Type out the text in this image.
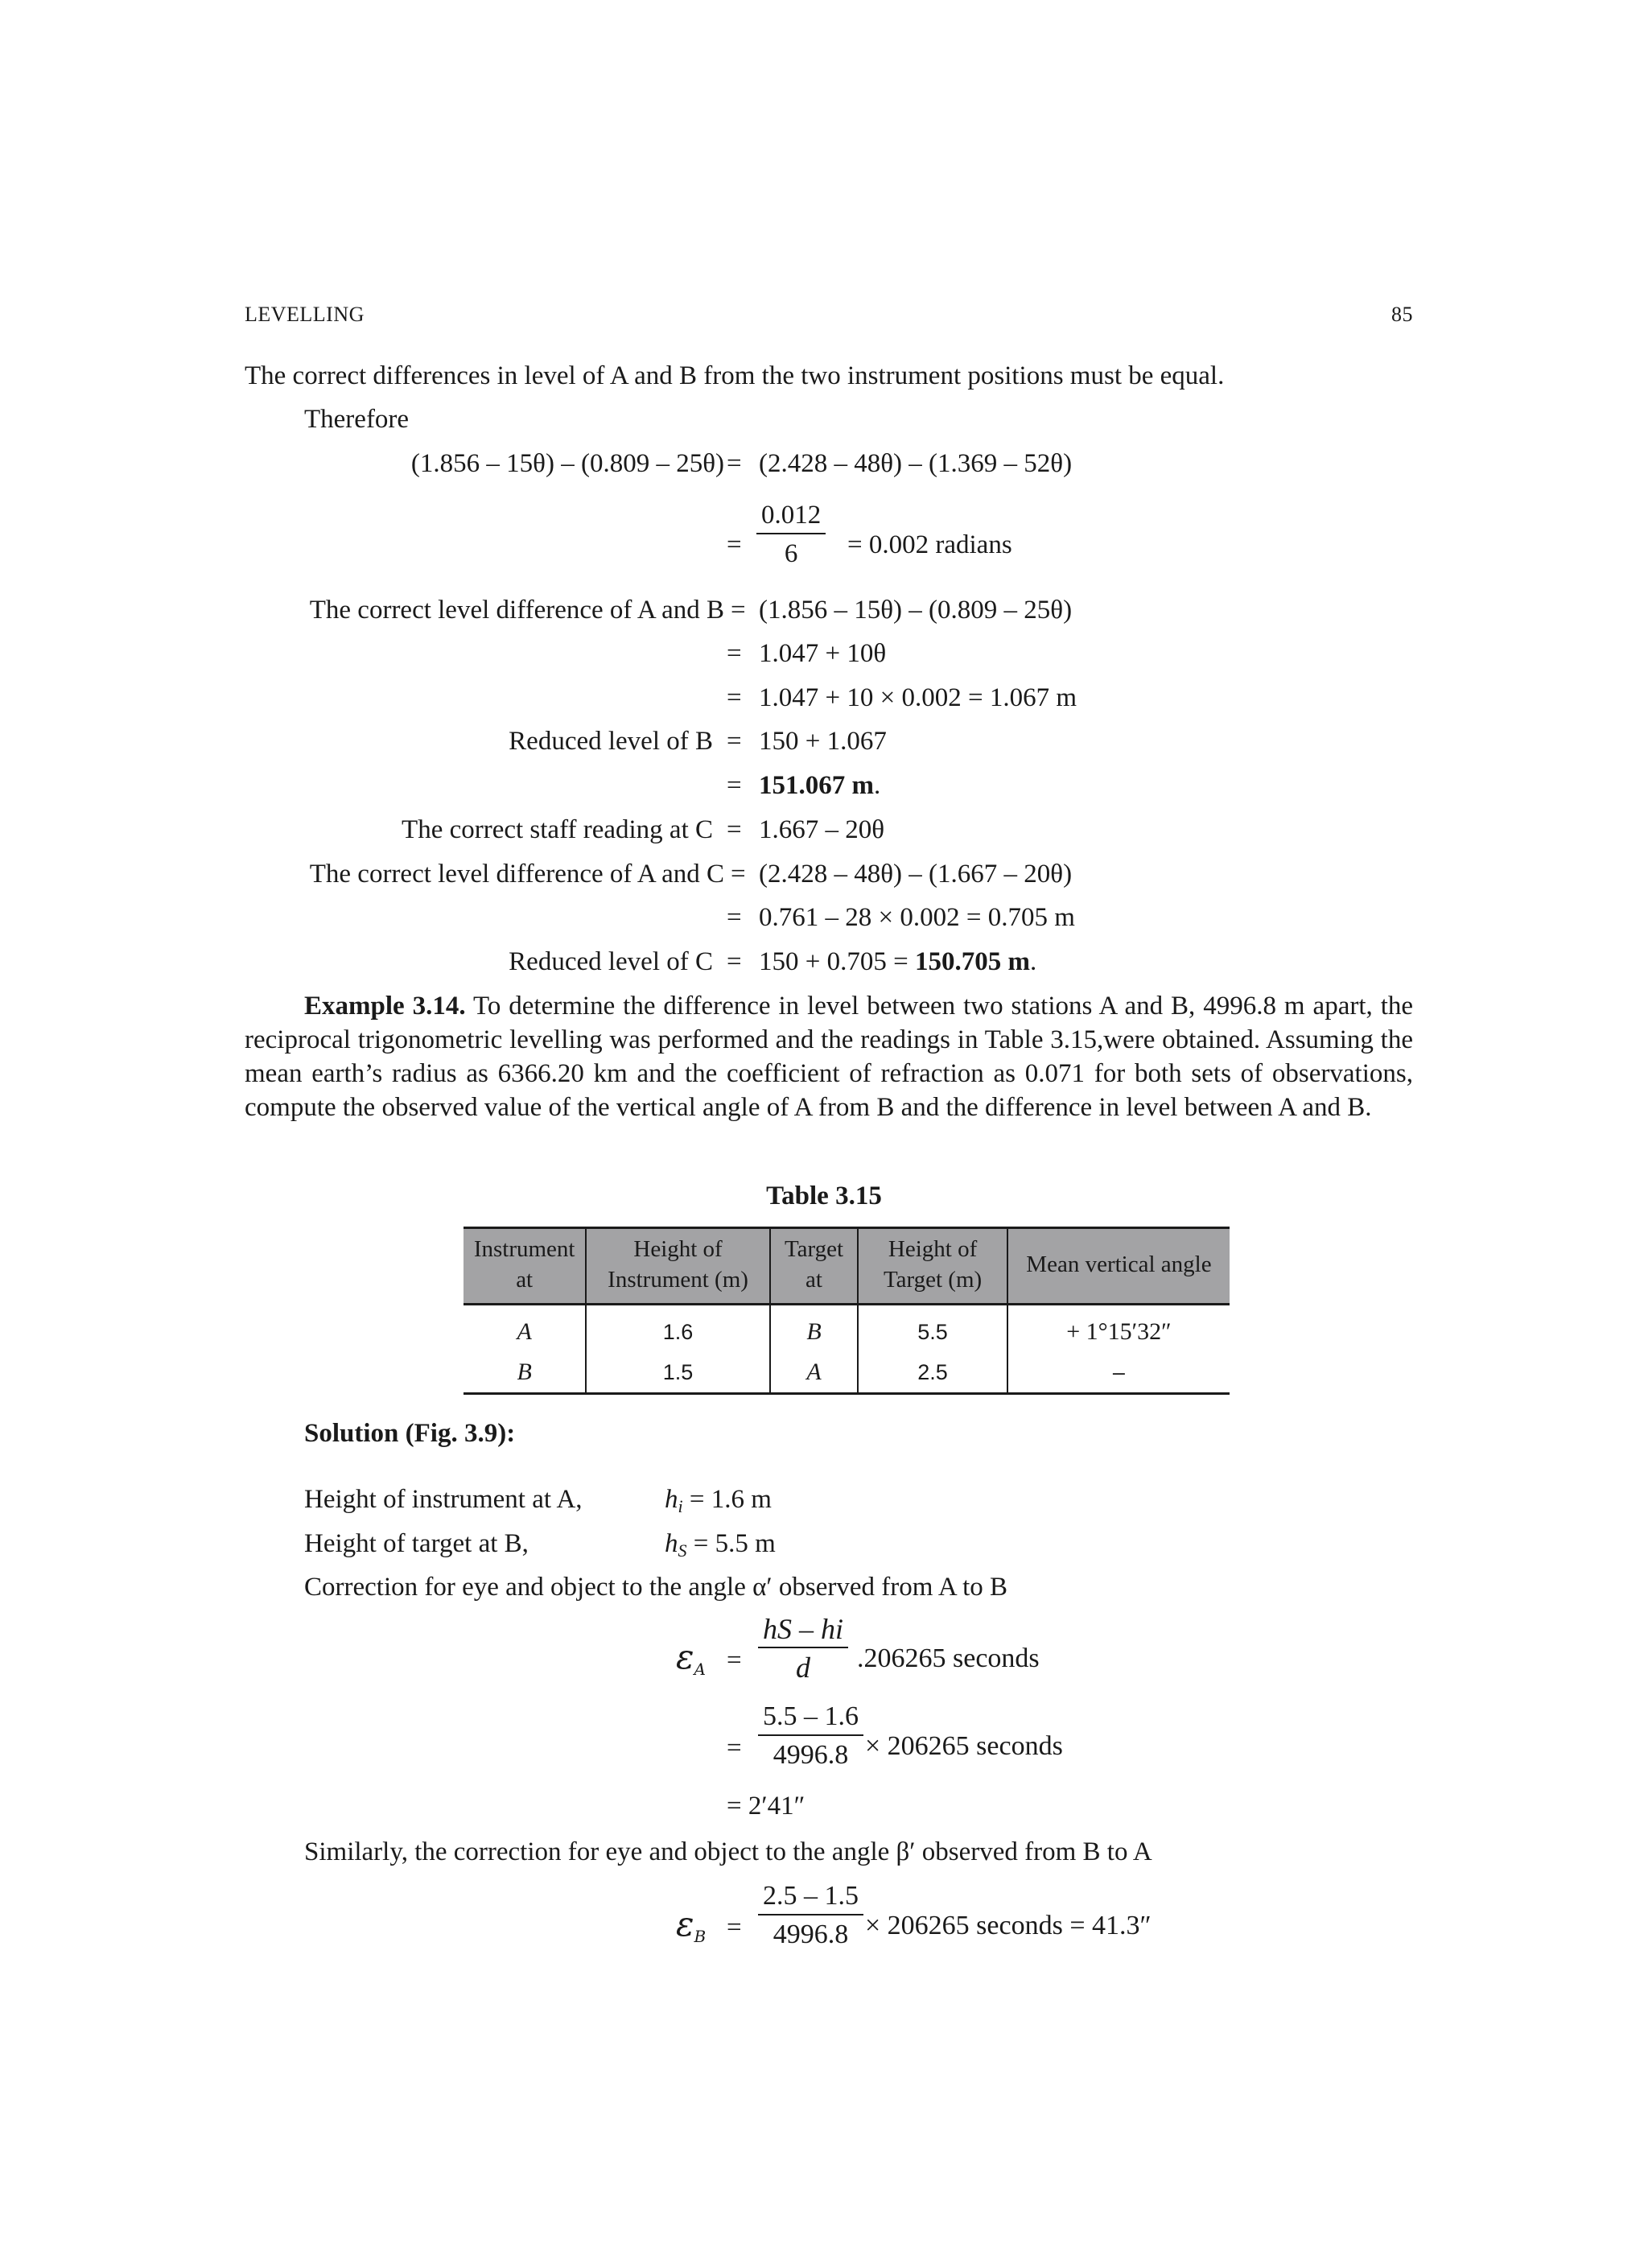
LEVELLING	85
The correct differences in level of A and B from the two instrument positions must be equal.
Therefore
(1.856 – 15θ) – (0.809 – 25θ) = (2.428 – 48θ) – (1.369 – 52θ)
= $\frac{0.012}{6} = 0.002$ radians
The correct level difference of A and B = (1.856 – 15θ) – (0.809 – 25θ)
= 1.047 + 10θ
= 1.047 + 10 × 0.002 = 1.067 m
Reduced level of B = 150 + 1.067
= 151.067 m.
The correct staff reading at C = 1.667 – 20θ
The correct level difference of A and C = (2.428 – 48θ) – (1.667 – 20θ)
= 0.761 – 28 × 0.002 = 0.705 m
Reduced level of C = 150 + 0.705 = 150.705 m.
Example 3.14. To determine the difference in level between two stations A and B, 4996.8 m apart, the reciprocal trigonometric levelling was performed and the readings in Table 3.15,were obtained. Assuming the mean earth’s radius as 6366.20 km and the coefficient of refraction as 0.071 for both sets of observations, compute the observed value of the vertical angle of A from B and the difference in level between A and B.
Table 3.15
Instrument at	Height of Instrument (m)	Target at	Height of Target (m)	Mean vertical angle
A	1.6	B	5.5	+ 1°15′32″
B	1.5	A	2.5	–
Solution (Fig. 3.9):
Height of instrument at A,	$h_i = 1.6$ m
Height of target at B,	$h_S = 5.5$ m
Correction for eye and object to the angle α′ observed from A to B
$\varepsilon A = \frac{hS - hi}{d} .206265$ seconds
= $\frac{5.5 - 1.6}{4996.8} \times 206265$ seconds
= 2′41″
Similarly, the correction for eye and object to the angle β′ observed from B to A
$\varepsilon B = \frac{2.5 - 1.5}{4996.8} \times 206265$ seconds = 41.3″
